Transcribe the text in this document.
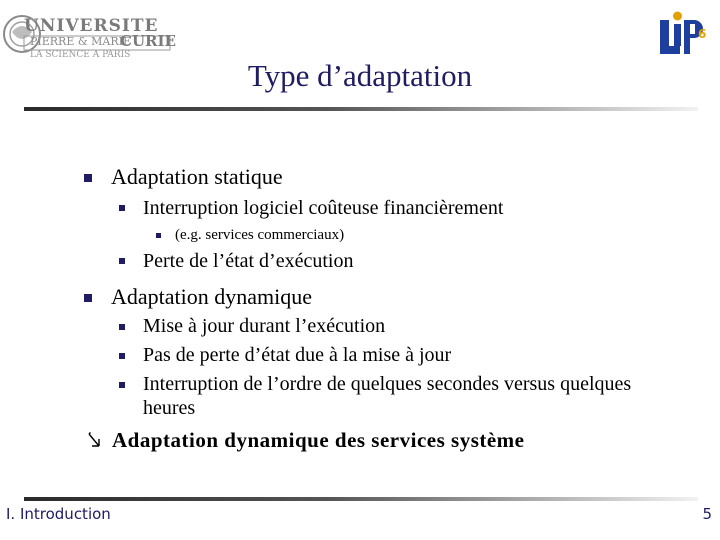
UNIVERSITE
PIERRE & MARIE
CURIE
LA SCIENCE A PARIS
6
Type d’adaptation
Adaptation statique
Interruption logiciel coûteuse financièrement
(e.g. services commerciaux)
Perte de l’état d’exécution
Adaptation dynamique
Mise à jour durant l’exécution
Pas de perte d’état due à la mise à jour
Interruption de l’ordre de quelques secondes versus quelques
heures
Adaptation dynamique des services système
I. Introduction	5
